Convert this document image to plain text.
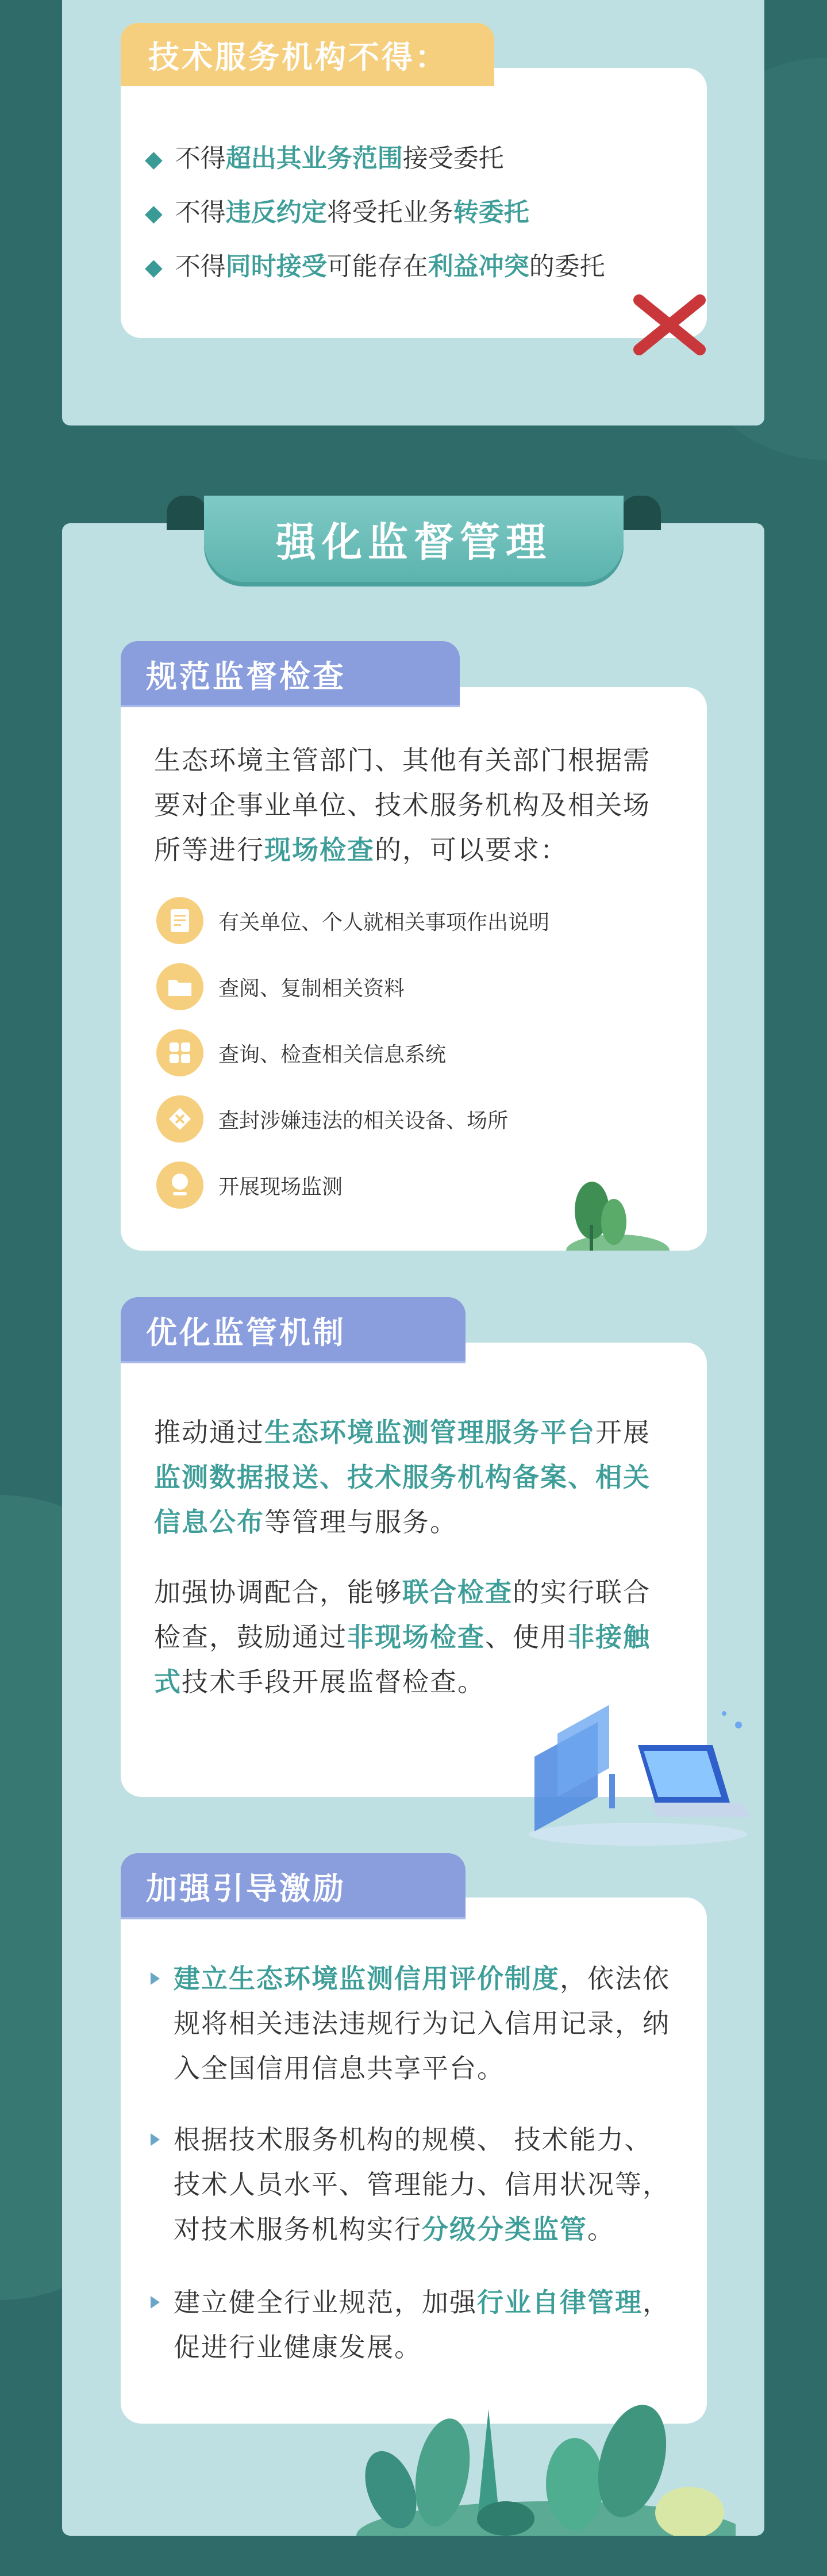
技术服务机构不得：
◆ 不得超出其业务范围接受委托
◆ 不得违反约定将受托业务转委托
◆ 不得同时接受可能存在利益冲突的委托
强化监督管理
规范监督检查
生态环境主管部门、其他有关部门根据需要对企事业单位、技术服务机构及相关场所等进行现场检查的，可以要求：
有关单位、个人就相关事项作出说明
查阅、复制相关资料
查询、检查相关信息系统
查封涉嫌违法的相关设备、场所
开展现场监测
优化监管机制
推动通过生态环境监测管理服务平台开展监测数据报送、技术服务机构备案、相关信息公布等管理与服务。
加强协调配合，能够联合检查的实行联合检查，鼓励通过非现场检查、使用非接触式技术手段开展监督检查。
加强引导激励
建立生态环境监测信用评价制度，依法依规将相关违法违规行为记入信用记录，纳入全国信用信息共享平台。
根据技术服务机构的规模、 技术能力、技术人员水平、管理能力、信用状况等，对技术服务机构实行分级分类监管。
建立健全行业规范，加强行业自律管理，促进行业健康发展。
